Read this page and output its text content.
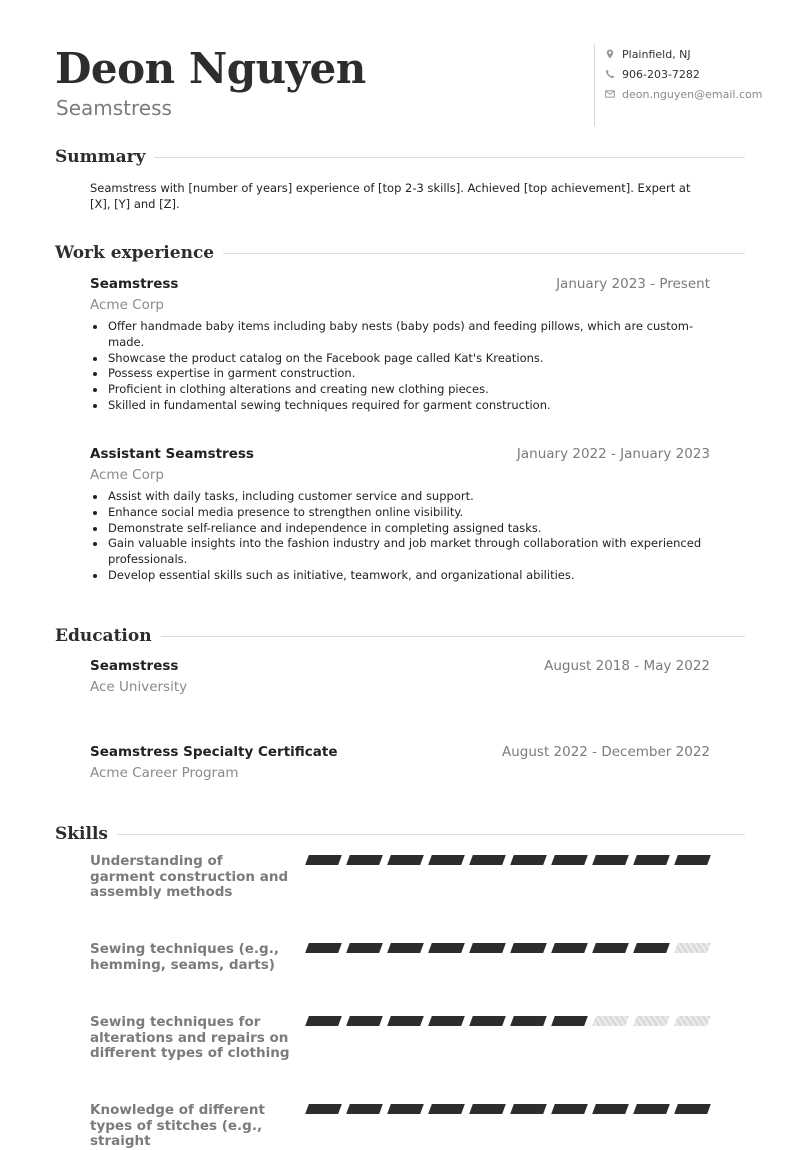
Deon Nguyen
Seamstress
Plainfield, NJ
906-203-7282
deon.nguyen@email.com
Summary
Seamstress with [number of years] experience of [top 2-3 skills]. Achieved [top achievement]. Expert at [X], [Y] and [Z].
Work experience
Seamstress	January 2023 - Present
Acme Corp
• Offer handmade baby items including baby nests (baby pods) and feeding pillows, which are custom-made.
• Showcase the product catalog on the Facebook page called Kat's Kreations.
• Possess expertise in garment construction.
• Proficient in clothing alterations and creating new clothing pieces.
• Skilled in fundamental sewing techniques required for garment construction.
Assistant Seamstress	January 2022 - January 2023
Acme Corp
• Assist with daily tasks, including customer service and support.
• Enhance social media presence to strengthen online visibility.
• Demonstrate self-reliance and independence in completing assigned tasks.
• Gain valuable insights into the fashion industry and job market through collaboration with experienced professionals.
• Develop essential skills such as initiative, teamwork, and organizational abilities.
Education
Seamstress	August 2018 - May 2022
Ace University
Seamstress Specialty Certificate	August 2022 - December 2022
Acme Career Program
Skills
Understanding of garment construction and assembly methods
Sewing techniques (e.g., hemming, seams, darts)
Sewing techniques for alterations and repairs on different types of clothing
Knowledge of different types of stitches (e.g., straight
